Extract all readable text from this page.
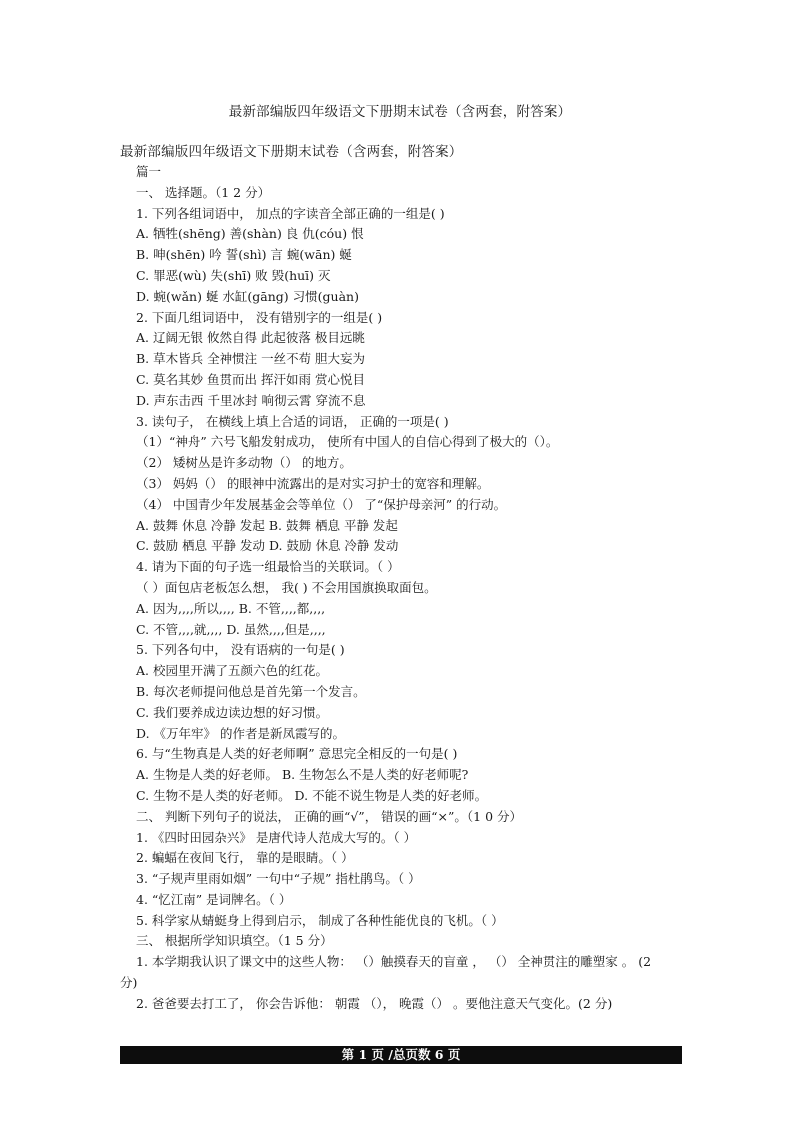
最新部编版四年级语文下册期末试卷（含两套，附答案）
最新部编版四年级语文下册期末试卷（含两套，附答案）
篇一
一、 选择题。（1 2 分）
1. 下列各组词语中， 加点的字读音全部正确的一组是( )
A. 牺牲(shēng) 善(shàn) 良 仇(cóu) 恨
B. 呻(shēn) 吟 誓(shì) 言 蜿(wān) 蜒
C. 罪恶(wù) 失(shī) 败 毁(huī) 灭
D. 蜿(wǎn) 蜒 水缸(gāng) 习惯(guàn)
2. 下面几组词语中， 没有错别字的一组是( )
A. 辽阔无银 攸然自得 此起彼落 极目远眺
B. 草木皆兵 全神惯注 一丝不苟 胆大妄为
C. 莫名其妙 鱼贯而出 挥汗如雨 赏心悦目
D. 声东击西 千里冰封 响彻云霄 穿流不息
3. 读句子， 在横线上填上合适的词语， 正确的一项是( )
（1）“神舟” 六号飞船发射成功， 使所有中国人的自信心得到了极大的（）。
（2） 矮树丛是许多动物（） 的地方。
（3） 妈妈（） 的眼神中流露出的是对实习护士的宽容和理解。
（4） 中国青少年发展基金会等单位（） 了“保护母亲河” 的行动。
A. 鼓舞 休息 冷静 发起 B. 鼓舞 栖息 平静 发起
C. 鼓励 栖息 平静 发动 D. 鼓励 休息 冷静 发动
4. 请为下面的句子选一组最恰当的关联词。（ ）
（ ）面包店老板怎么想， 我( ) 不会用国旗换取面包。
A. 因为,,,,所以,,,, B. 不管,,,,都,,,,
C. 不管,,,,就,,,, D. 虽然,,,,但是,,,,
5. 下列各句中， 没有语病的一句是( )
A. 校园里开满了五颜六色的红花。
B. 每次老师提问他总是首先第一个发言。
C. 我们要养成边读边想的好习惯。
D. 《万年牢》 的作者是新凤霞写的。
6. 与“生物真是人类的好老师啊” 意思完全相反的一句是( )
A. 生物是人类的好老师。 B. 生物怎么不是人类的好老师呢?
C. 生物不是人类的好老师。 D. 不能不说生物是人类的好老师。
二、 判断下列句子的说法， 正确的画“√”， 错误的画“×”。（1 0 分）
1. 《四时田园杂兴》 是唐代诗人范成大写的。（ ）
2. 蝙蝠在夜间飞行， 靠的是眼睛。（ ）
3. “子规声里雨如烟” 一句中“子规” 指杜鹃鸟。（ ）
4. “忆江南” 是词牌名。（ ）
5. 科学家从蜻蜓身上得到启示， 制成了各种性能优良的飞机。（ ）
三、 根据所学知识填空。（1 5 分）
1. 本学期我认识了课文中的这些人物： （）触摸春天的盲童 ， （） 全神贯注的雕塑家 。 (2
分)
2. 爸爸要去打工了， 你会告诉他： 朝霞 （）， 晚霞（） 。要他注意天气变化。(2 分)
第 1 页 /总页数 6 页
